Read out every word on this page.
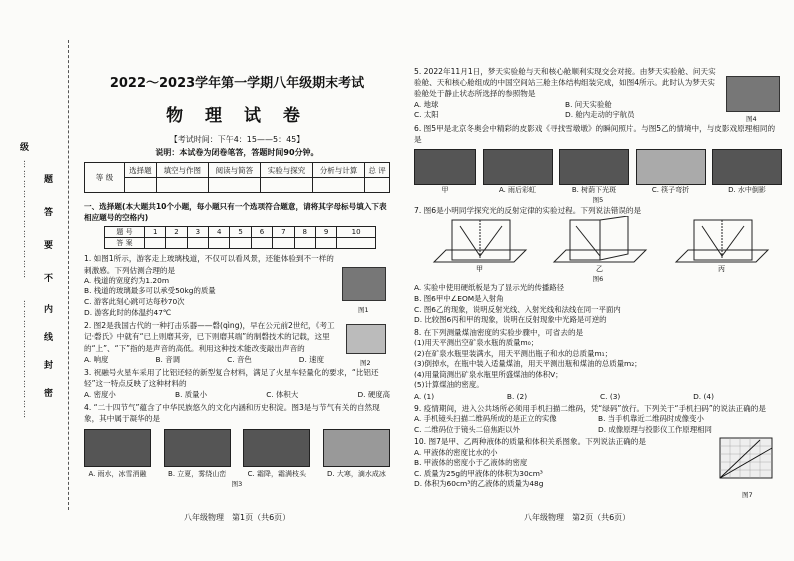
题
答
要
不
内
线
封
密
级
………………………………
………………………………
2022～2023学年第一学期八年级期末考试
物 理 试 卷
【考试时间：下午4：15——5：45】
说明：本试卷为闭卷笔答，答题时间90分钟。
等 级	选择题	填空与作图	阅读与简答	实验与探究	分析与计算	总 评

一、选择题(本大题共10个小题，每小题只有一个选项符合题意，请将其字母标号填入下表相应题号的空格内)
题 号	1	2	3	4	5	6	7	8	9	10
答 案										
1. 如图1所示，游客走上玻璃栈道，不仅可以看风景，还能体验到不一样的刺激感。下列估测合理的是
A. 栈道的宽度约为1.20m
B. 栈道的玻璃最多可以承受50kg的质量
C. 游客此刻心跳可达每秒70次
D. 游客此时的体温约47℃	图1
2. 图2是我国古代的一种打击乐器——磬(qìng)，早在公元前2世纪，《考工记·磬氏》中就有“已上则磨其旁，已下则磨其端”的制磬技术的记载，这里的“上”、“下”指的是声音的高低。利用这种技术能改变敲出声音的
A. 响度	B. 音调	C. 音色	D. 速度	图2
3. 祝融号火星车采用了比铝还轻的新型复合材料，满足了火星车轻量化的要求，“比铝还轻”这一特点反映了这种材料的
A. 密度小	B. 质量小	C. 体积大	D. 硬度高
4. “二十四节气”蕴含了中华民族悠久的文化内涵和历史积淀。图3是与节气有关的自然现象，其中属于凝华的是
A. 雨水，冰雪消融	B. 立夏，雾绕山峦	C. 霜降，霜满枝头	D. 大寒，滴水成冰
图3
八年级物理　第1页（共6页）
5. 2022年11月1日，梦天实验舱与天和核心舱顺利实现交会对接。由梦天实验舱、问天实验舱、天和核心舱组成的中国空间站三舱主体结构组装完成，如图4所示。此时认为梦天实验舱处于静止状态所选择的参照物是
A. 地球	B. 问天实验舱
C. 太阳	D. 舱内走动的宇航员	图4
6. 图5甲是北京冬奥会中精彩的皮影戏《寻找雪墩墩》的瞬间照片。与图5乙的情境中，与皮影戏原理相同的是
甲	A. 雨后彩虹	B. 树荫下光斑	C. 筷子弯折	D. 水中倒影
图5
7. 图6是小明同学探究光的反射定律的实验过程。下列说法错误的是
甲	乙	丙
图6
A. 实验中使用硬纸板是为了显示光的传播路径
B. 图6甲中∠EOM是入射角
C. 图6乙的现象，说明反射光线、入射光线和法线在同一平面内
D. 比较图6丙和甲的现象，说明在反射现象中光路是可逆的
8. 在下列测量煤油密度的实验步骤中，可省去的是
(1)用天平测出空矿泉水瓶的质量m₀；
(2)在矿泉水瓶里装满水，用天平测出瓶子和水的总质量m₁；
(3)倒掉水，在瓶中装入适量煤油，用天平测出瓶和煤油的总质量m₂；
(4)用量筒测出矿泉水瓶里所盛煤油的体积V；
(5)计算煤油的密度。
A. (1)	B. (2)	C. (3)	D. (4)
9. 疫情期间，进入公共场所必须用手机扫描二维码，凭“绿码”放行。下列关于“手机扫码”的说法正确的是
A. 手机镜头扫描二维码所成的是正立的实像	B. 当手机靠近二维码时成像变小
C. 二维码位于镜头二倍焦距以外	D. 成像原理与投影仪工作原理相同
10. 图7是甲、乙两种液体的质量和体积关系图象。下列说法正确的是
A. 甲液体的密度比水的小
B. 甲液体的密度小于乙液体的密度
C. 质量为25g的甲液体的体积为30cm³
D. 体积为60cm³的乙液体的质量为48g
图7
八年级物理　第2页（共6页）
